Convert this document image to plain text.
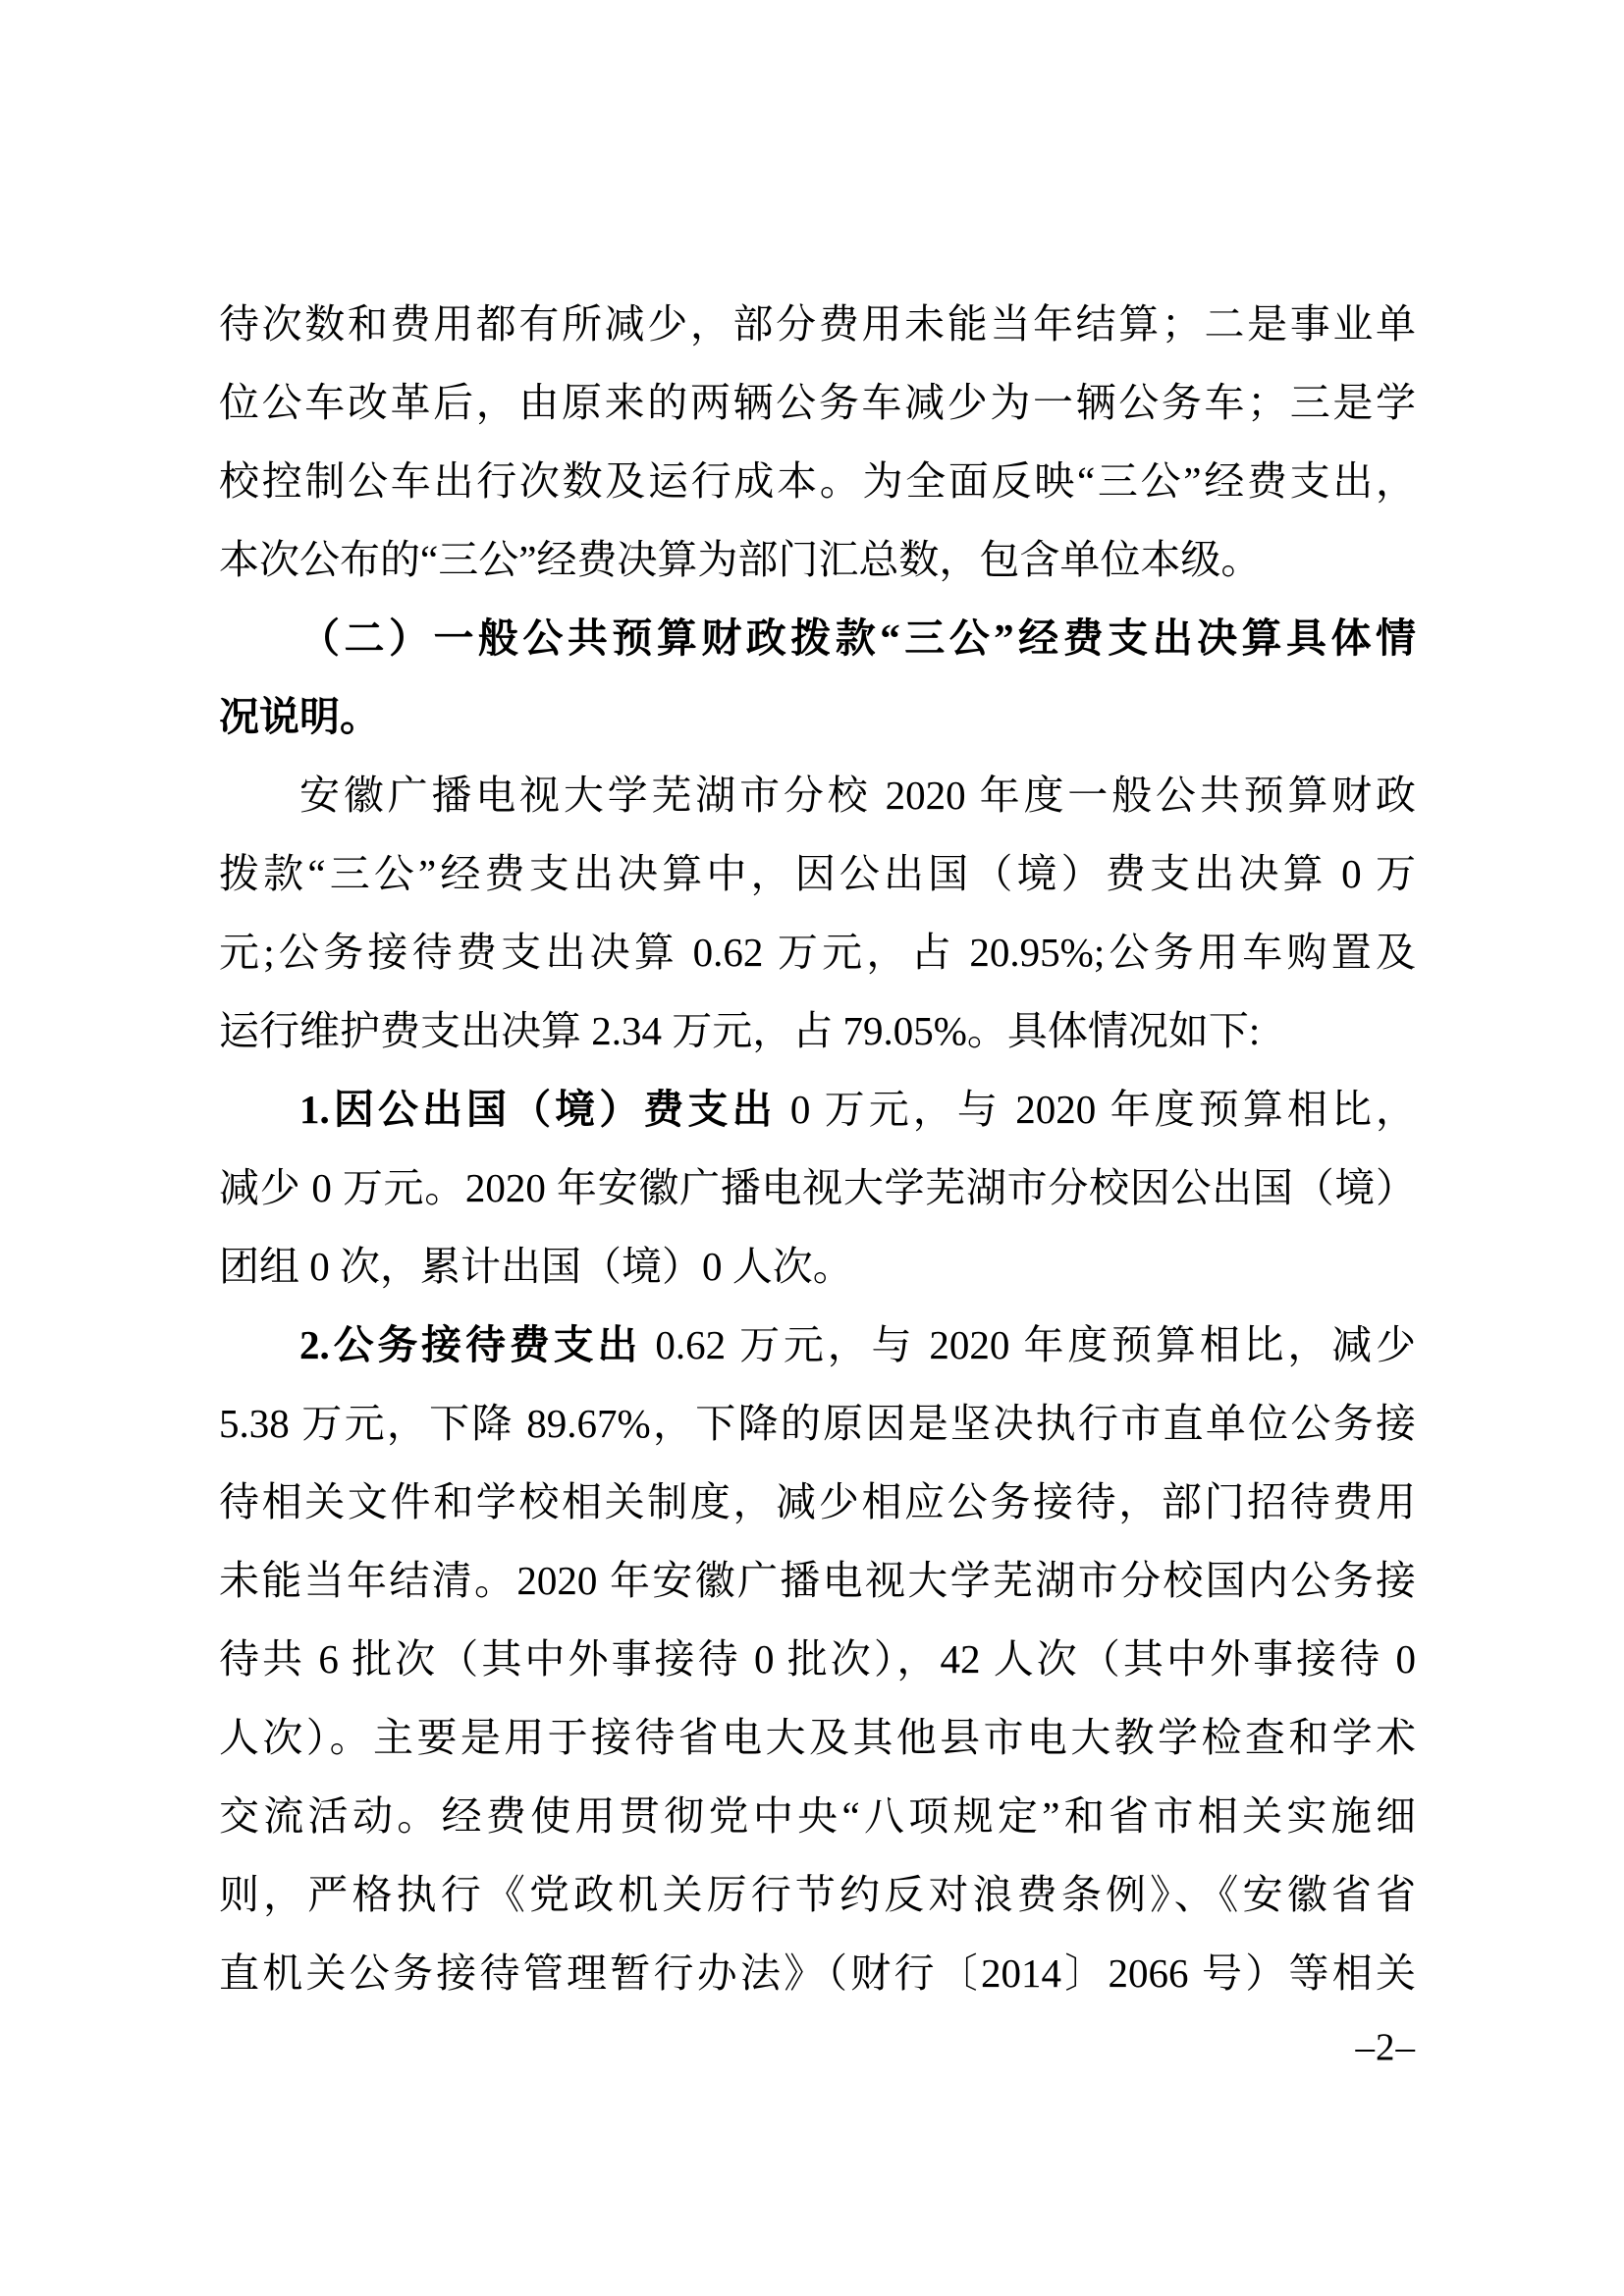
待次数和费用都有所减少，部分费用未能当年结算；二是事业单
位公车改革后，由原来的两辆公务车减少为一辆公务车；三是学
校控制公车出行次数及运行成本。为全面反映“三公”经费支出，
本次公布的“三公”经费决算为部门汇总数，包含单位本级。
（二）一般公共预算财政拨款“三公”经费支出决算具体情
况说明。
安徽广播电视大学芜湖市分校 2020 年度一般公共预算财政
拨款“三公”经费支出决算中，因公出国（境）费支出决算 0 万
元;公务接待费支出决算 0.62 万元，占 20.95%;公务用车购置及
运行维护费支出决算 2.34 万元，占 79.05%。具体情况如下:
1.因公出国（境）费支出 0 万元，与 2020 年度预算相比，
减少 0 万元。2020 年安徽广播电视大学芜湖市分校因公出国（境）
团组 0 次，累计出国（境）0 人次。
2.公务接待费支出 0.62 万元，与 2020 年度预算相比，减少
5.38 万元，下降 89.67%，下降的原因是坚决执行市直单位公务接
待相关文件和学校相关制度，减少相应公务接待，部门招待费用
未能当年结清。2020 年安徽广播电视大学芜湖市分校国内公务接
待共 6 批次（其中外事接待 0 批次），42 人次（其中外事接待 0
人次）。主要是用于接待省电大及其他县市电大教学检查和学术
交流活动。经费使用贯彻党中央“八项规定”和省市相关实施细
则，严格执行《党政机关厉行节约反对浪费条例》、《安徽省省
直机关公务接待管理暂行办法》（财行〔2014〕2066 号）等相关
–2–
